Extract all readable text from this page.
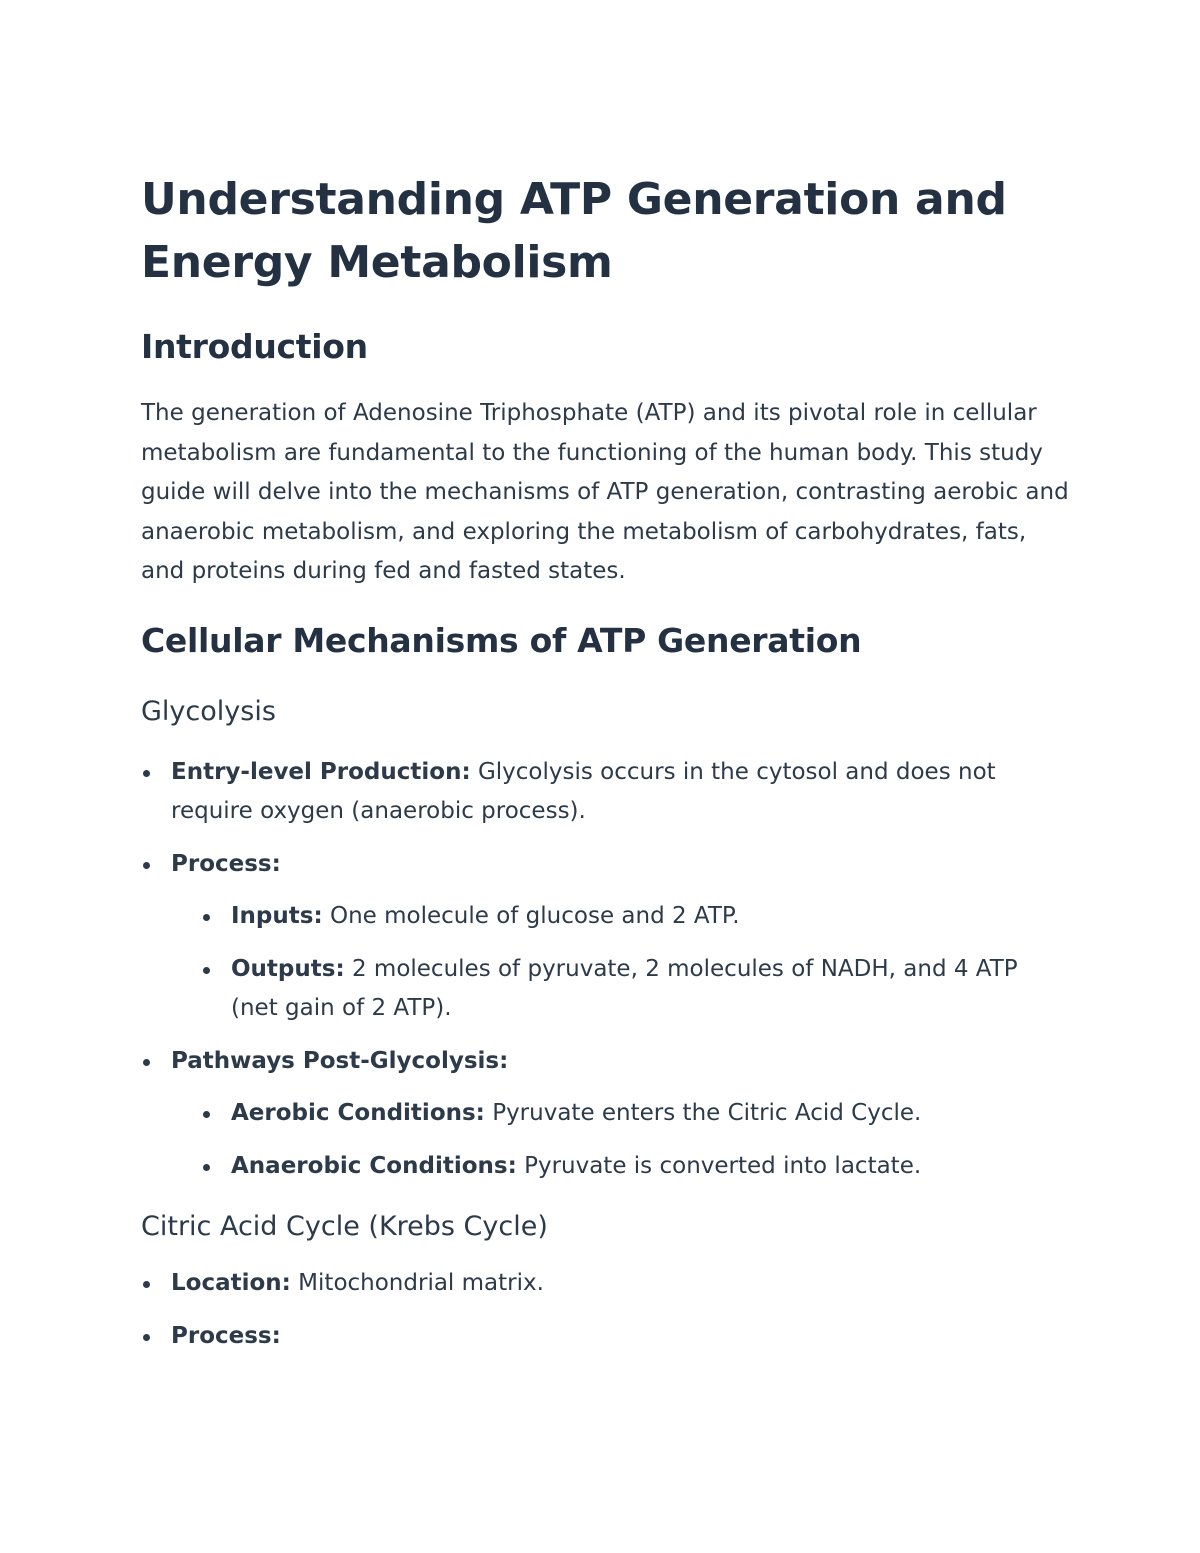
Understanding ATP Generation and Energy Metabolism
Introduction

The generation of Adenosine Triphosphate (ATP) and its pivotal role in cellular metabolism are fundamental to the functioning of the human body. This study guide will delve into the mechanisms of ATP generation, contrasting aerobic and anaerobic metabolism, and exploring the metabolism of carbohydrates, fats, and proteins during fed and fasted states.

Cellular Mechanisms of ATP Generation
Glycolysis
Entry-level Production: Glycolysis occurs in the cytosol and does not require oxygen (anaerobic process).
Process:
Inputs: One molecule of glucose and 2 ATP.
Outputs: 2 molecules of pyruvate, 2 molecules of NADH, and 4 ATP (net gain of 2 ATP).
Pathways Post-Glycolysis:
Aerobic Conditions: Pyruvate enters the Citric Acid Cycle.
Anaerobic Conditions: Pyruvate is converted into lactate.
Citric Acid Cycle (Krebs Cycle)
Location: Mitochondrial matrix.
Process:
